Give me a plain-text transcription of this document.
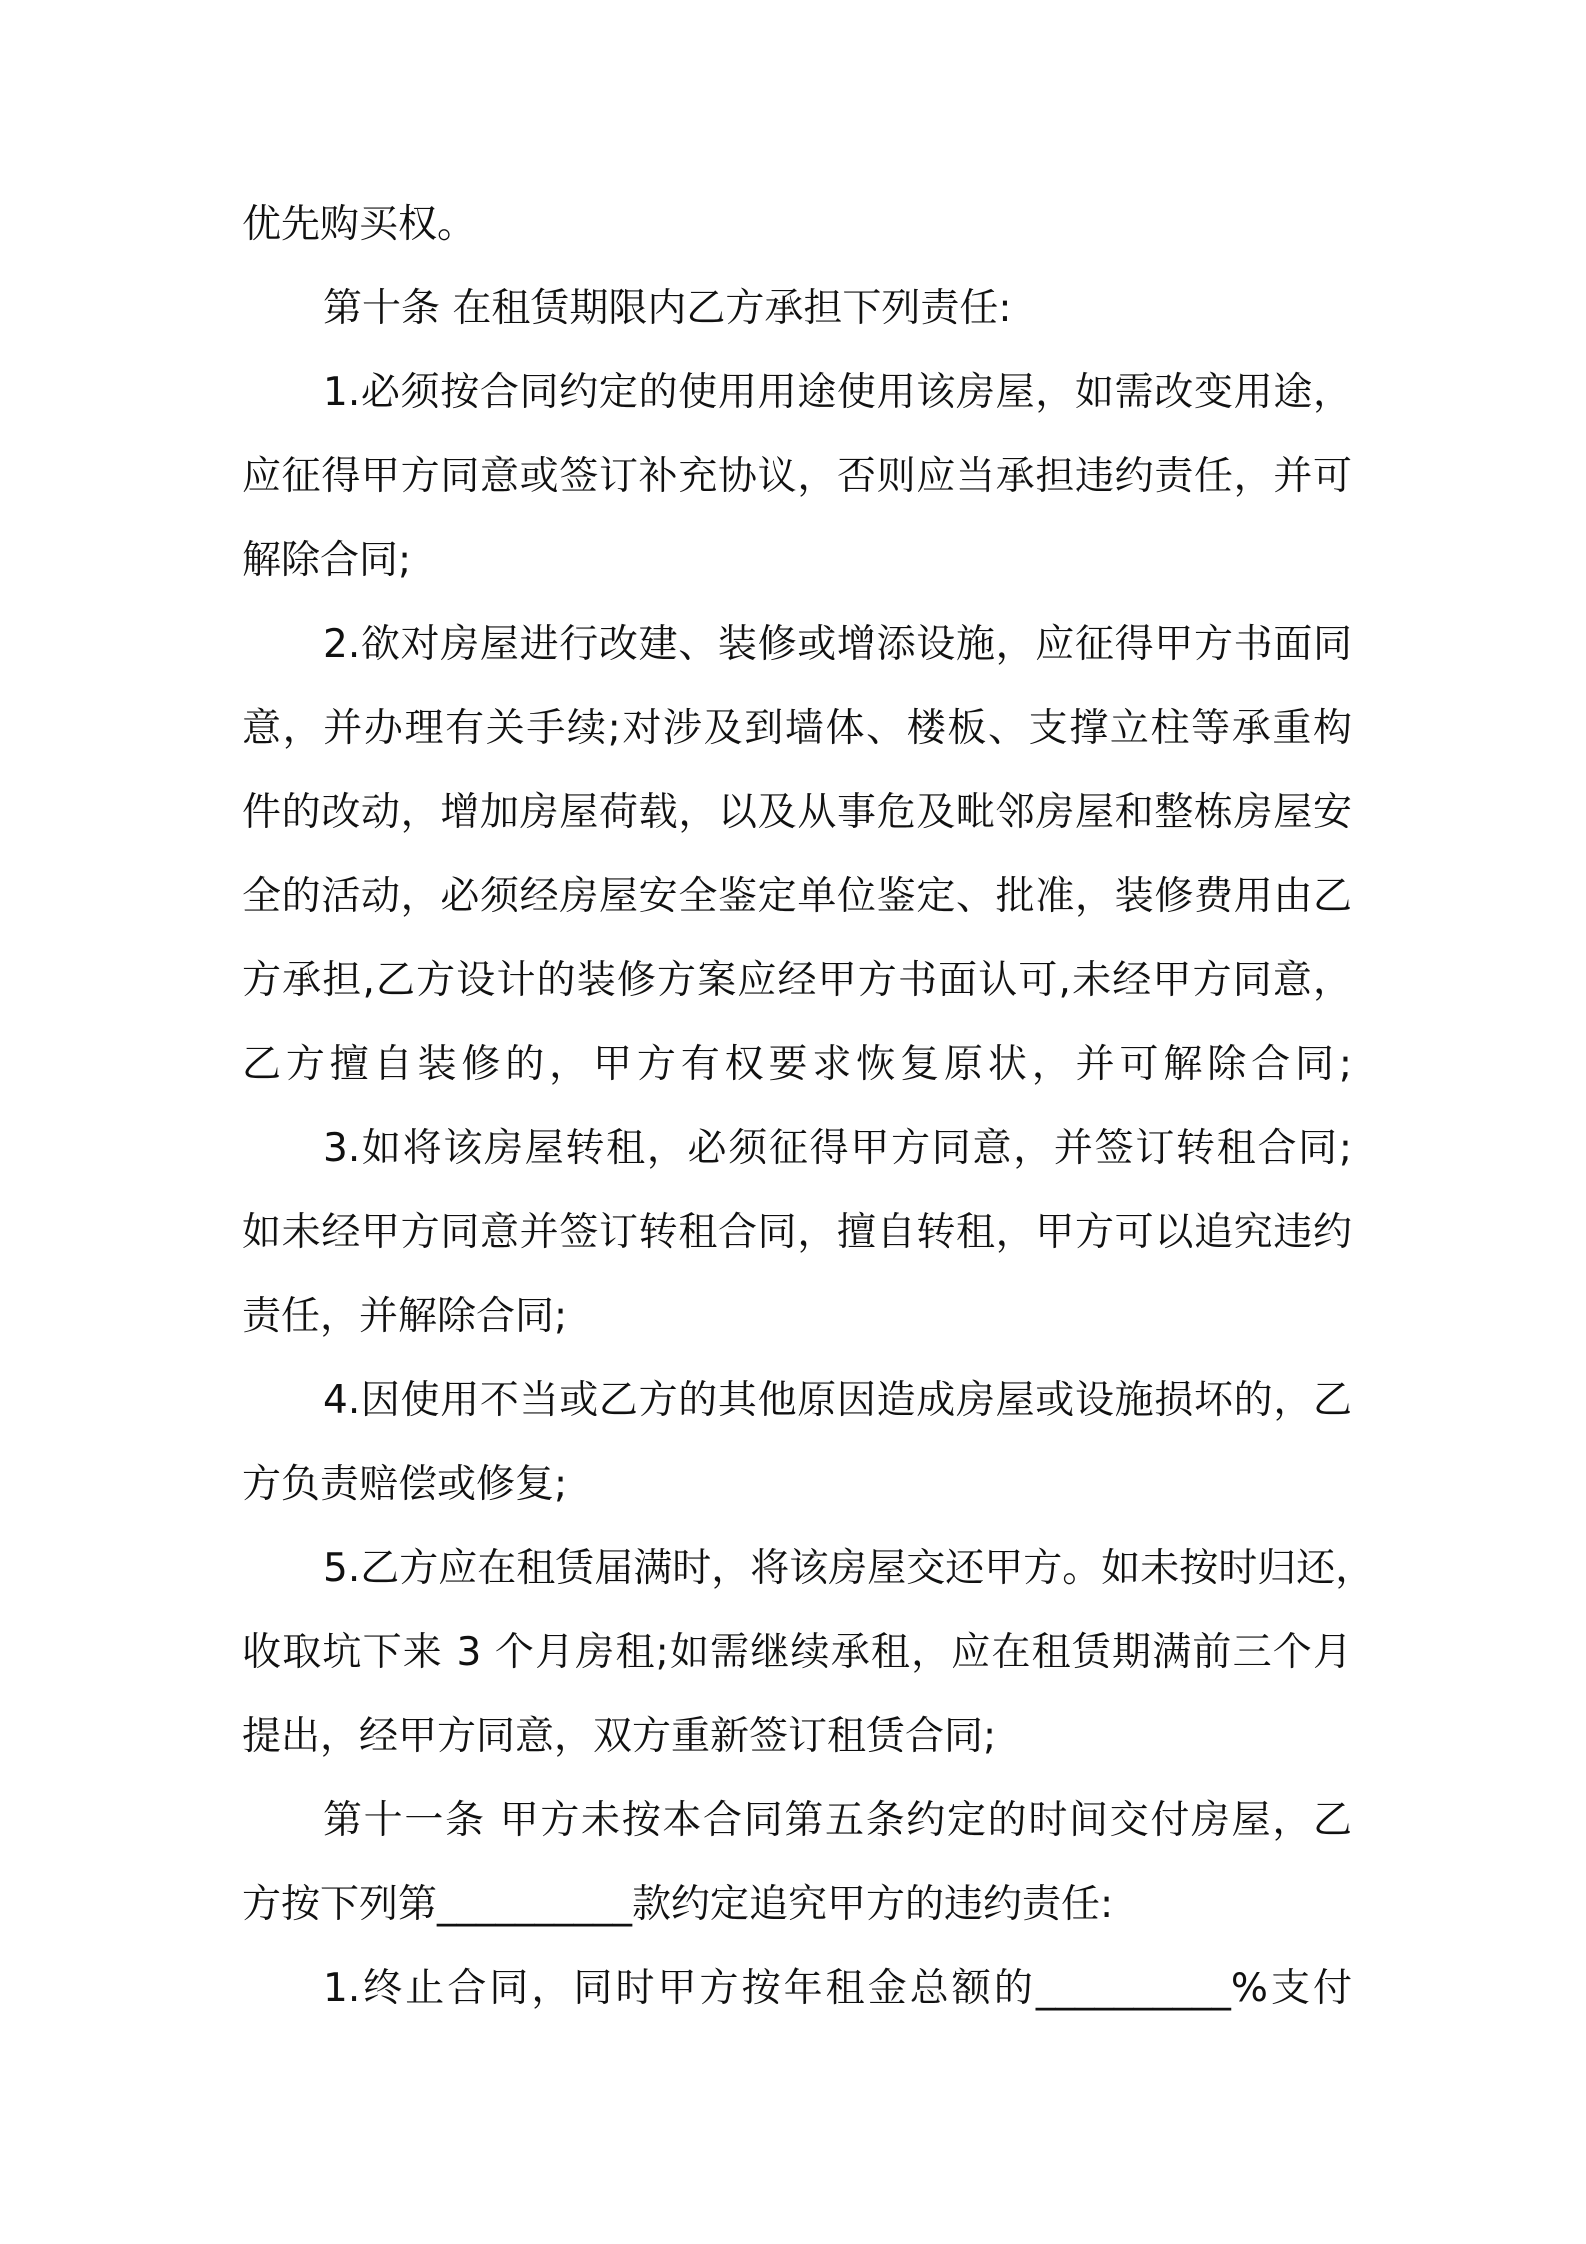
优先购买权。

第十条 在租赁期限内乙方承担下列责任:

1.必须按合同约定的使用用途使用该房屋，如需改变用途，

应征得甲方同意或签订补充协议，否则应当承担违约责任，并可

解除合同;

2.欲对房屋进行改建、装修或增添设施，应征得甲方书面同

意，并办理有关手续;对涉及到墙体、楼板、支撑立柱等承重构

件的改动，增加房屋荷载，以及从事危及毗邻房屋和整栋房屋安

全的活动，必须经房屋安全鉴定单位鉴定、批准，装修费用由乙

方承担,乙方设计的装修方案应经甲方书面认可,未经甲方同意，

乙方擅自装修的，甲方有权要求恢复原状，并可解除合同;

3.如将该房屋转租，必须征得甲方同意，并签订转租合同;

如未经甲方同意并签订转租合同，擅自转租，甲方可以追究违约

责任，并解除合同;

4.因使用不当或乙方的其他原因造成房屋或设施损坏的，乙

方负责赔偿或修复;

5.乙方应在租赁届满时，将该房屋交还甲方。如未按时归还，

收取坑下来 3 个月房租;如需继续承租，应在租赁期满前三个月

提出，经甲方同意，双方重新签订租赁合同;

第十一条 甲方未按本合同第五条约定的时间交付房屋，乙

方按下列第__________款约定追究甲方的违约责任:

1.终止合同，同时甲方按年租金总额的__________%支付
